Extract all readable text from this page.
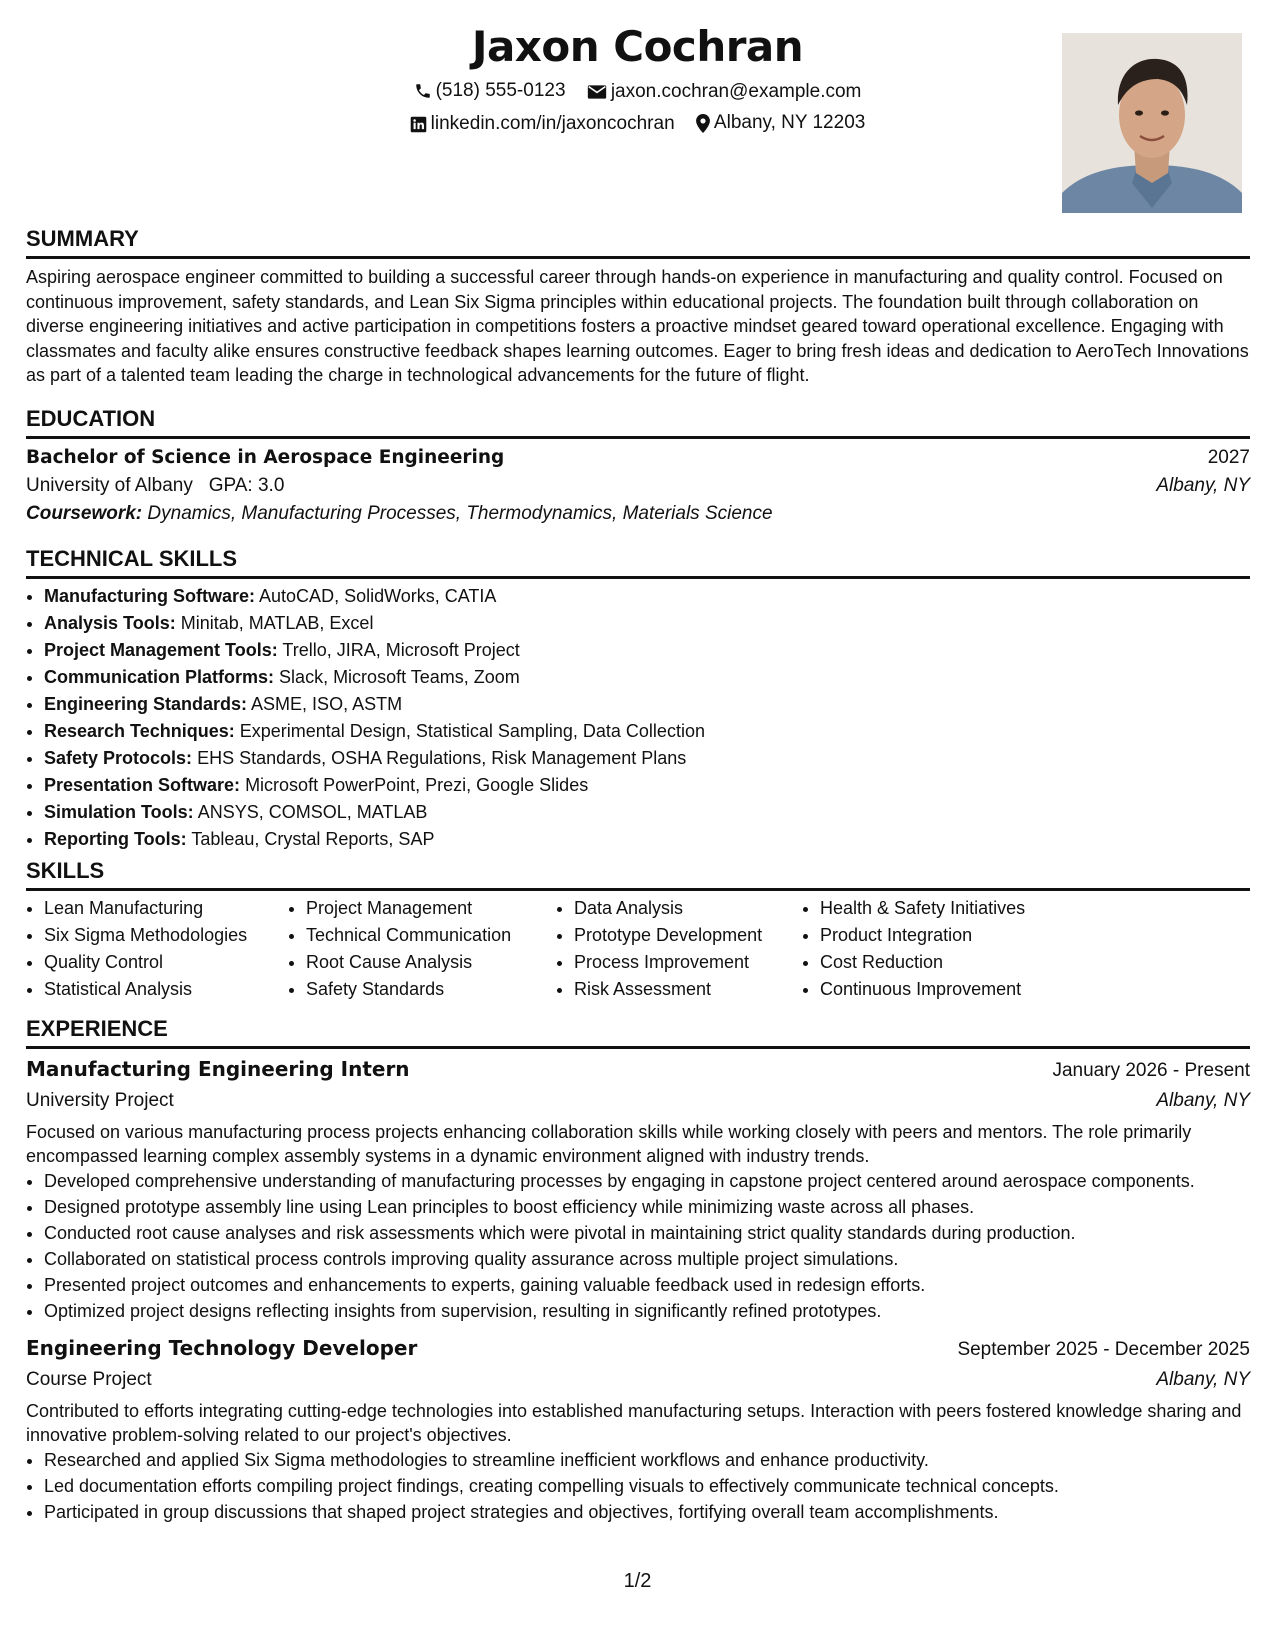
Jaxon Cochran
(518) 555-0123
jaxon.cochran@example.com
linkedin.com/in/jaxoncochran
Albany, NY 12203
SUMMARY

Aspiring aerospace engineer committed to building a successful career through hands-on experience in manufacturing and quality control. Focused on continuous improvement, safety standards, and Lean Six Sigma principles within educational projects. The foundation built through collaboration on diverse engineering initiatives and active participation in competitions fosters a proactive mindset geared toward operational excellence. Engaging with classmates and faculty alike ensures constructive feedback shapes learning outcomes. Eager to bring fresh ideas and dedication to AeroTech Innovations as part of a talented team leading the charge in technological advancements for the future of flight.

EDUCATION
Bachelor of Science in Aerospace Engineering	2027
University of Albany GPA: 3.0	Albany, NY
Coursework: Dynamics, Manufacturing Processes, Thermodynamics, Materials Science
TECHNICAL SKILLS
• Manufacturing Software: AutoCAD, SolidWorks, CATIA
• Analysis Tools: Minitab, MATLAB, Excel
• Project Management Tools: Trello, JIRA, Microsoft Project
• Communication Platforms: Slack, Microsoft Teams, Zoom
• Engineering Standards: ASME, ISO, ASTM
• Research Techniques: Experimental Design, Statistical Sampling, Data Collection
• Safety Protocols: EHS Standards, OSHA Regulations, Risk Management Plans
• Presentation Software: Microsoft PowerPoint, Prezi, Google Slides
• Simulation Tools: ANSYS, COMSOL, MATLAB
• Reporting Tools: Tableau, Crystal Reports, SAP
SKILLS
• Lean Manufacturing
• Six Sigma Methodologies
• Quality Control
• Statistical Analysis
• Project Management
• Technical Communication
• Root Cause Analysis
• Safety Standards
• Data Analysis
• Prototype Development
• Process Improvement
• Risk Assessment
• Health & Safety Initiatives
• Product Integration
• Cost Reduction
• Continuous Improvement
EXPERIENCE
Manufacturing Engineering Intern	January 2026 - Present
University Project	Albany, NY

Focused on various manufacturing process projects enhancing collaboration skills while working closely with peers and mentors. The role primarily encompassed learning complex assembly systems in a dynamic environment aligned with industry trends.

• Developed comprehensive understanding of manufacturing processes by engaging in capstone project centered around aerospace components.
• Designed prototype assembly line using Lean principles to boost efficiency while minimizing waste across all phases.
• Conducted root cause analyses and risk assessments which were pivotal in maintaining strict quality standards during production.
• Collaborated on statistical process controls improving quality assurance across multiple project simulations.
• Presented project outcomes and enhancements to experts, gaining valuable feedback used in redesign efforts.
• Optimized project designs reflecting insights from supervision, resulting in significantly refined prototypes.
Engineering Technology Developer	September 2025 - December 2025
Course Project	Albany, NY

Contributed to efforts integrating cutting-edge technologies into established manufacturing setups. Interaction with peers fostered knowledge sharing and innovative problem-solving related to our project's objectives.

• Researched and applied Six Sigma methodologies to streamline inefficient workflows and enhance productivity.
• Led documentation efforts compiling project findings, creating compelling visuals to effectively communicate technical concepts.
• Participated in group discussions that shaped project strategies and objectives, fortifying overall team accomplishments.
1/2
